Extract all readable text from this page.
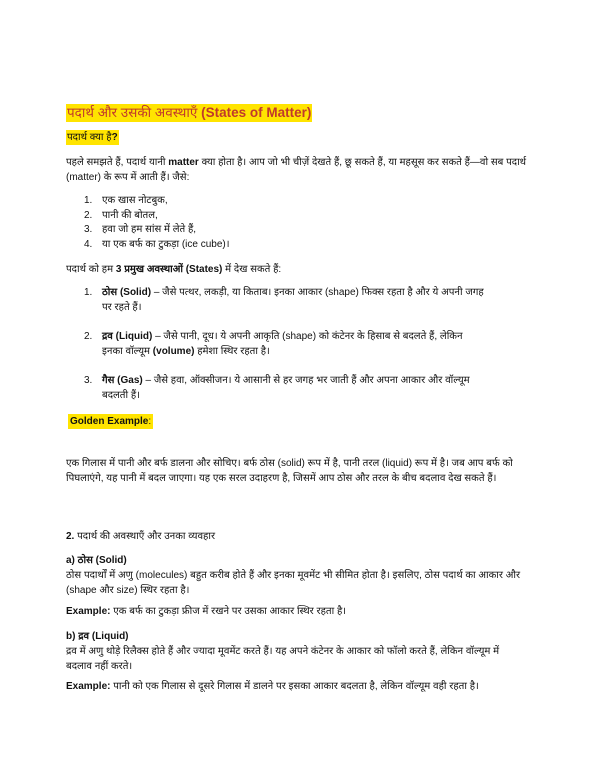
पदार्थ और उसकी अवस्थाएँ (States of Matter)
पदार्थ क्या है?
पहले समझते हैं, पदार्थ यानी matter क्या होता है। आप जो भी चीज़ें देखते हैं, छू सकते हैं, या महसूस कर सकते हैं—वो सब पदार्थ (matter) के रूप में आती हैं। जैसे:
1. एक खास नोटबुक,
2. पानी की बोतल,
3. हवा जो हम सांस में लेते हैं,
4. या एक बर्फ का टुकड़ा (ice cube)।
पदार्थ को हम 3 प्रमुख अवस्थाओं (States) में देख सकते हैं:
1. ठोस (Solid) – जैसे पत्थर, लकड़ी, या किताब। इनका आकार (shape) फिक्स रहता है और ये अपनी जगह पर रहते हैं।
2. द्रव (Liquid) – जैसे पानी, दूध। ये अपनी आकृति (shape) को कंटेनर के हिसाब से बदलते हैं, लेकिन इनका वॉल्यूम (volume) हमेशा स्थिर रहता है।
3. गैस (Gas) – जैसे हवा, ऑक्सीजन। ये आसानी से हर जगह भर जाती हैं और अपना आकार और वॉल्यूम बदलती हैं।
Golden Example:
एक गिलास में पानी और बर्फ डालना और सोचिए। बर्फ ठोस (solid) रूप में है, पानी तरल (liquid) रूप में है। जब आप बर्फ को पिघलाएंगे, यह पानी में बदल जाएगा। यह एक सरल उदाहरण है, जिसमें आप ठोस और तरल के बीच बदलाव देख सकते हैं।
2. पदार्थ की अवस्थाएँ और उनका व्यवहार
a) ठोस (Solid)
ठोस पदार्थों में अणु (molecules) बहुत करीब होते हैं और इनका मूवमेंट भी सीमित होता है। इसलिए, ठोस पदार्थ का आकार और (shape और size) स्थिर रहता है।
Example: एक बर्फ का टुकड़ा फ्रीज में रखने पर उसका आकार स्थिर रहता है।
b) द्रव (Liquid)
द्रव में अणु थोड़े रिलैक्स होते हैं और ज्यादा मूवमेंट करते हैं। यह अपने कंटेनर के आकार को फॉलो करते हैं, लेकिन वॉल्यूम में बदलाव नहीं करते।
Example: पानी को एक गिलास से दूसरे गिलास में डालने पर इसका आकार बदलता है, लेकिन वॉल्यूम वही रहता है।
